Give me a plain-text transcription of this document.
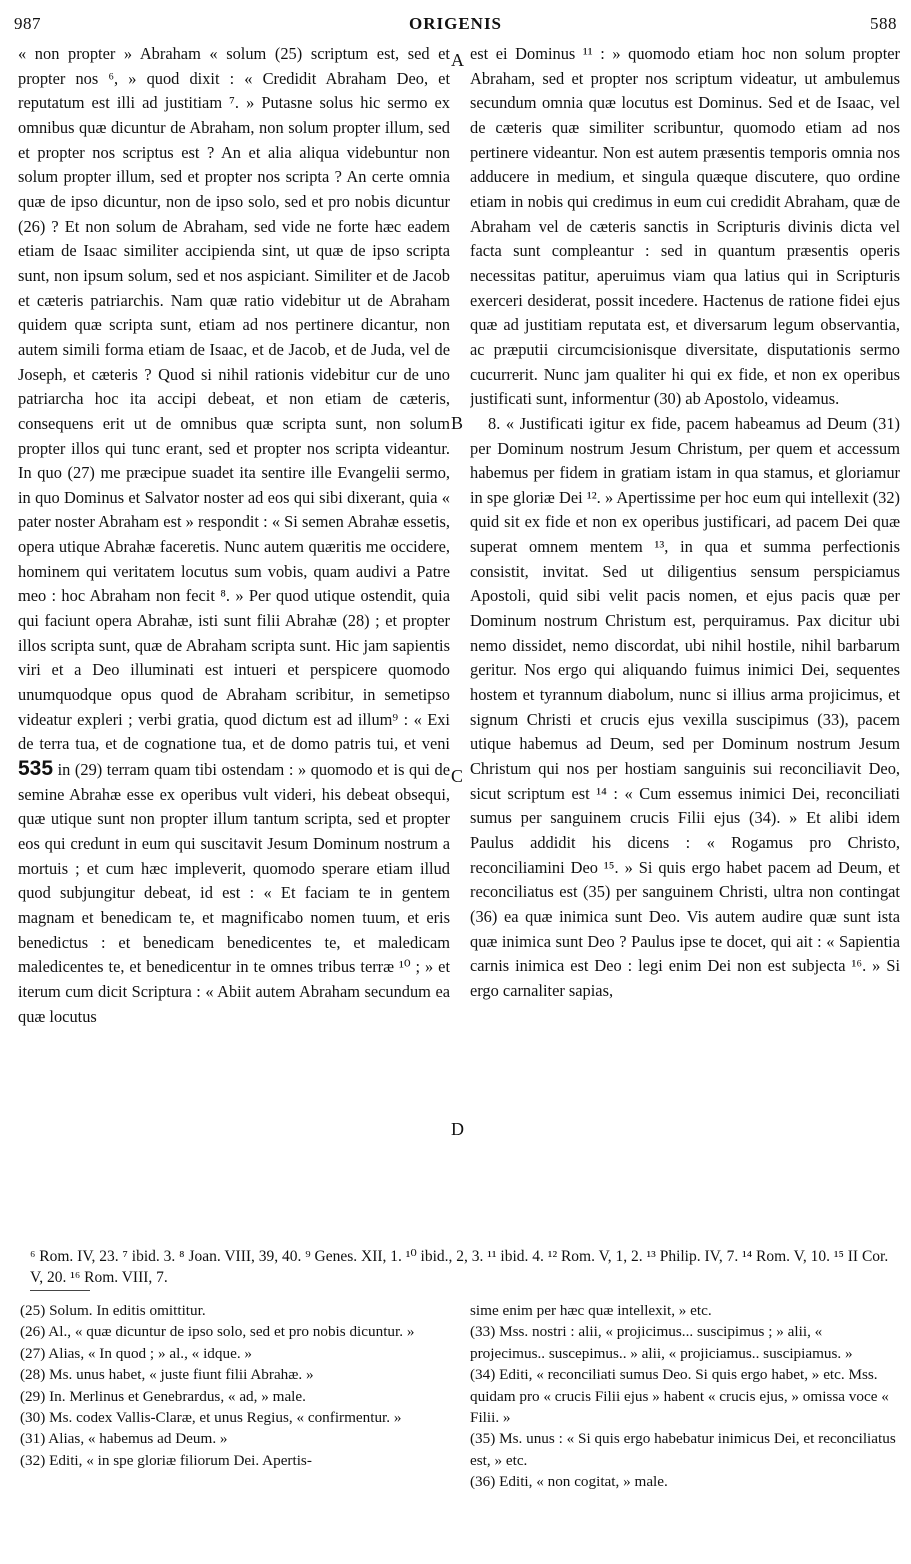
987	ORIGENIS	588

« non propter » Abraham « solum (25) scriptum est, sed et propter nos ⁶, » quod dixit : « Credidit Abraham Deo, et reputatum est illi ad justitiam ⁷. » Putasne solus hic sermo ex omnibus quæ dicuntur de Abraham, non solum propter illum, sed et propter nos scriptus est ? An et alia aliqua videbuntur non solum propter illum, sed et propter nos scripta ? An certe omnia quæ de ipso dicuntur, non de ipso solo, sed et pro nobis dicuntur (26) ? Et non solum de Abraham, sed vide ne forte hæc eadem etiam de Isaac similiter accipienda sint, ut quæ de ipso scripta sunt, non ipsum solum, sed et nos aspiciant. Similiter et de Jacob et cæteris patriarchis. Nam quæ ratio videbitur ut de Abraham quidem quæ scripta sunt, etiam ad nos pertinere dicantur, non autem simili forma etiam de Isaac, et de Jacob, et de Juda, vel de Joseph, et cæteris ? Quod si nihil rationis videbitur cur de uno patriarcha hoc ita accipi debeat, et non etiam de cæteris, consequens erit ut de omnibus quæ scripta sunt, non solum propter illos qui tunc erant, sed et propter nos scripta videantur. In quo (27) me præcipue suadet ita sentire ille Evangelii sermo, in quo Dominus et Salvator noster ad eos qui sibi dixerant, quia « pater noster Abraham est » respondit : « Si semen Abrahæ essetis, opera utique Abrahæ faceretis. Nunc autem quæritis me occidere, hominem qui veritatem locutus sum vobis, quam audivi a Patre meo : hoc Abraham non fecit ⁸. » Per quod utique ostendit, quia qui faciunt opera Abrahæ, isti sunt filii Abrahæ (28) ; et propter illos scripta sunt, quæ de Abraham scripta sunt. Hic jam sapientis viri et a Deo illuminati est intueri et perspicere quomodo unumquodque opus quod de Abraham scribitur, in semetipso videatur expleri ; verbi gratia, quod dictum est ad illum⁹ : « Exi de terra tua, et de cognatione tua, et de domo patris tui, et veni 535 in (29) terram quam tibi ostendam : » quomodo et is qui de semine Abrahæ esse ex operibus vult videri, his debeat obsequi, quæ utique sunt non propter illum tantum scripta, sed et propter eos qui credunt in eum qui suscitavit Jesum Dominum nostrum a mortuis ; et cum hæc impleverit, quomodo sperare etiam illud quod subjungitur debeat, id est : « Et faciam te in gentem magnam et benedicam te, et magnificabo nomen tuum, et eris benedictus : et benedicam benedicentes te, et maledicam maledicentes te, et benedicentur in te omnes tribus terræ ¹⁰ ; » et iterum cum dicit Scriptura : « Abiit autem Abraham secundum ea quæ locutus

A
B
C
D

est ei Dominus ¹¹ : » quomodo etiam hoc non solum propter Abraham, sed et propter nos scriptum videatur, ut ambulemus secundum omnia quæ locutus est Dominus. Sed et de Isaac, vel de cæteris quæ similiter scribuntur, quomodo etiam ad nos pertinere videantur. Non est autem præsentis temporis omnia nos adducere in medium, et singula quæque discutere, quo ordine etiam in nobis qui credimus in eum cui credidit Abraham, quæ de Abraham vel de cæteris sanctis in Scripturis divinis dicta vel facta sunt compleantur : sed in quantum præsentis operis necessitas patitur, aperuimus viam qua latius qui in Scripturis exerceri desiderat, possit incedere. Hactenus de ratione fidei ejus quæ ad justitiam reputata est, et diversarum legum observantia, ac præputii circumcisionisque diversitate, disputationis sermo cucurrerit. Nunc jam qualiter hi qui ex fide, et non ex operibus justificati sunt, informentur (30) ab Apostolo, videamus.

8. « Justificati igitur ex fide, pacem habeamus ad Deum (31) per Dominum nostrum Jesum Christum, per quem et accessum habemus per fidem in gratiam istam in qua stamus, et gloriamur in spe gloriæ Dei ¹². » Apertissime per hoc eum qui intellexit (32) quid sit ex fide et non ex operibus justificari, ad pacem Dei quæ superat omnem mentem ¹³, in qua et summa perfectionis consistit, invitat. Sed ut diligentius sensum perspiciamus Apostoli, quid sibi velit pacis nomen, et ejus pacis quæ per Dominum nostrum Christum est, perquiramus. Pax dicitur ubi nemo dissidet, nemo discordat, ubi nihil hostile, nihil barbarum geritur. Nos ergo qui aliquando fuimus inimici Dei, sequentes hostem et tyrannum diabolum, nunc si illius arma projicimus, et signum Christi et crucis ejus vexilla suscipimus (33), pacem utique habemus ad Deum, sed per Dominum nostrum Jesum Christum qui nos per hostiam sanguinis sui reconciliavit Deo, sicut scriptum est ¹⁴ : « Cum essemus inimici Dei, reconciliati sumus per sanguinem crucis Filii ejus (34). » Et alibi idem Paulus addidit his dicens : « Rogamus pro Christo, reconciliamini Deo ¹⁵. » Si quis ergo habet pacem ad Deum, et reconciliatus est (35) per sanguinem Christi, ultra non contingat (36) ea quæ inimica sunt Deo. Vis autem audire quæ sunt ista quæ inimica sunt Deo ? Paulus ipse te docet, qui ait : « Sapientia carnis inimica est Deo : legi enim Dei non est subjecta ¹⁶. » Si ergo carnaliter sapias,

⁶ Rom. IV, 23. ⁷ ibid. 3. ⁸ Joan. VIII, 39, 40. ⁹ Genes. XII, 1. ¹⁰ ibid., 2, 3. ¹¹ ibid. 4. ¹² Rom. V, 1, 2. ¹³ Philip. IV, 7. ¹⁴ Rom. V, 10. ¹⁵ II Cor. V, 20. ¹⁶ Rom. VIII, 7.
(25) Solum. In editis omittitur.
(26) Al., « quæ dicuntur de ipso solo, sed et pro nobis dicuntur. »
(27) Alias, « In quod ; » al., « idque. »
(28) Ms. unus habet, « juste fiunt filii Abrahæ. »
(29) In. Merlinus et Genebrardus, « ad, » male.
(30) Ms. codex Vallis-Claræ, et unus Regius, « confirmentur. »
(31) Alias, « habemus ad Deum. »
(32) Editi, « in spe gloriæ filiorum Dei. Apertis-
sime enim per hæc quæ intellexit, » etc.
(33) Mss. nostri : alii, « projicimus... suscipimus ; » alii, « projecimus.. suscepimus.. » alii, « projiciamus.. suscipiamus. »
(34) Editi, « reconciliati sumus Deo. Si quis ergo habet, » etc. Mss. quidam pro « crucis Filii ejus » habent « crucis ejus, » omissa voce « Filii. »
(35) Ms. unus : « Si quis ergo habebatur inimicus Dei, et reconciliatus est, » etc.
(36) Editi, « non cogitat, » male.
